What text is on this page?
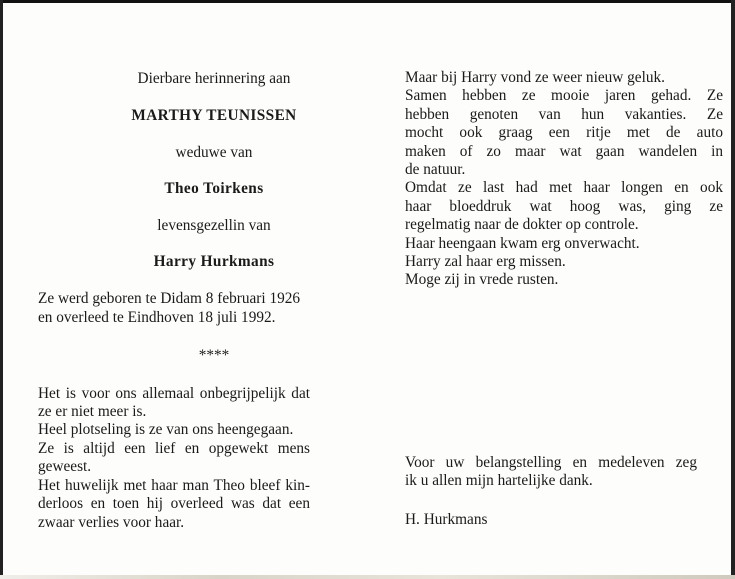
Dierbare herinnering aan

MARTHY TEUNISSEN

weduwe van

Theo Toirkens

levensgezellin van

Harry Hurkmans

Ze werd geboren te Didam 8 februari 1926
en overleed te Eindhoven 18 juli 1992.

****

Het is voor ons allemaal onbegrijpelijk dat
ze er niet meer is.
Heel plotseling is ze van ons heengegaan.
Ze is altijd een lief en opgewekt mens
geweest.
Het huwelijk met haar man Theo bleef kin-
derloos en toen hij overleed was dat een
zwaar verlies voor haar.
Maar bij Harry vond ze weer nieuw geluk.
Samen hebben ze mooie jaren gehad. Ze
hebben genoten van hun vakanties. Ze
mocht ook graag een ritje met de auto
maken of zo maar wat gaan wandelen in
de natuur.
Omdat ze last had met haar longen en ook
haar bloeddruk wat hoog was, ging ze
regelmatig naar de dokter op controle.
Haar heengaan kwam erg onverwacht.
Harry zal haar erg missen.
Moge zij in vrede rusten.
Voor uw belangstelling en medeleven zeg
ik u allen mijn hartelijke dank.
H. Hurkmans
